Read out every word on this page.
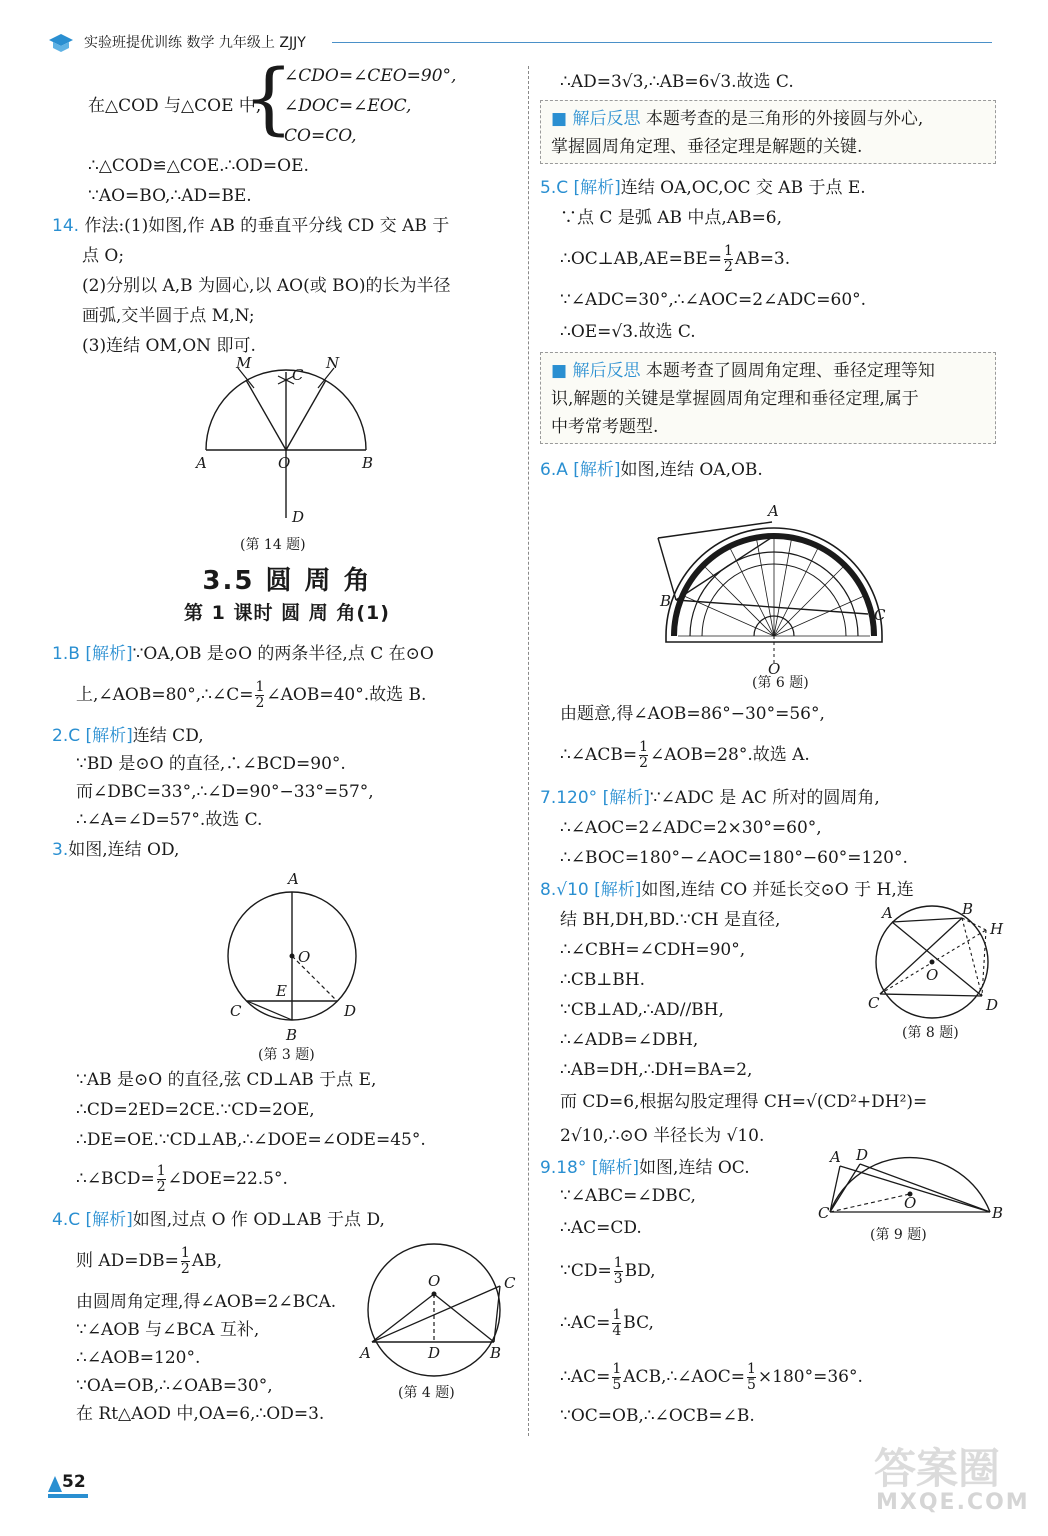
实验班提优训练 数学 九年级上 ZJJY
{
∠CDO=∠CEO=90°,
在△COD 与△COE 中, ∠DOC=∠EOC,
CO=CO,
∴△COD≌△COE.∴OD=OE.
∵AO=BO,∴AD=BE.
14. 作法:(1)如图,作 AB 的垂直平分线 CD 交 AB 于
点 O;
(2)分别以 A,B 为圆心,以 AO(或 BO)的长为半径
画弧,交半圆于点 M,N;
(3)连结 OM,ON 即可.
M	N
C
A	O	B
D
(第 14 题)
3.5 圆 周 角
第 1 课时 圆 周 角(1)
1.B [解析]∵OA,OB 是⊙O 的两条半径,点 C 在⊙O
上,∠AOB=80°,∴∠C= $\frac{1}{2}$ ∠AOB=40°.故选 B.
2.C [解析]连结 CD,
∵BD 是⊙O 的直径,∴∠BCD=90°.
而∠DBC=33°,∴∠D=90°−33°=57°,
∴∠A=∠D=57°.故选 C.
3.如图,连结 OD,
A
O
E
C	D
B
(第 3 题)
∵AB 是⊙O 的直径,弦 CD⊥AB 于点 E,
∴CD=2ED=2CE.∵CD=2OE,
∴DE=OE.∵CD⊥AB,∴∠DOE=∠ODE=45°.
∴∠BCD= $\frac{1}{2}$ ∠DOE=22.5°.
4.C [解析]如图,过点 O 作 OD⊥AB 于点 D,
则 $AD=DB= \frac{1}{2}$ AB,
由圆周角定理,得∠AOB=2∠BCA.
∵∠AOB 与∠BCA 互补,
∴∠AOB=120°.
∵OA=OB,∴∠OAB=30°,
在 Rt△AOD 中,OA=6,∴OD=3.
O	C
A	D	B
(第 4 题)
∴AD=3√3,∴AB=6√3.故选 C.
■ 解后反思 本题考查的是三角形的外接圆与外心,
掌握圆周角定理、垂径定理是解题的关键.
5.C [解析]连结 OA,OC,OC 交 AB 于点 E.
∵点 C 是弧 AB 中点,AB=6,
∴OC⊥AB,AE=BE= $\frac{1}{2} AB=3$.
∵∠ADC=30°,∴∠AOC=2∠ADC=60°.
∴OE=√3.故选 C.
■ 解后反思 本题考查了圆周角定理、垂径定理等知
识,解题的关键是掌握圆周角定理和垂径定理,属于
中考常考题型.
6.A [解析]如图,连结 OA,OB.
A
B
C
O
(第 6 题)
由题意,得∠AOB=86°−30°=56°,
∴∠ACB= $\frac{1}{2}$ ∠AOB=28°.故选 A.
7.120° [解析]∵∠ADC 是 AC 所对的圆周角,
∴∠AOC=2∠ADC=2×30°=60°,
∴∠BOC=180°−∠AOC=180°−60°=120°.
8.√10 [解析]如图,连结 CO 并延长交⊙O 于 H,连
结 BH,DH,BD.∵CH 是直径,
∴∠CBH=∠CDH=90°,
∴CB⊥BH.
∵CB⊥AD,∴AD//BH,
∴∠ADB=∠DBH,
∴AB=DH,∴DH=BA=2,
而 CD=6,根据勾股定理得 CH=√(CD²+DH²)=
2√10,∴⊙O 半径长为 √10.
A	B
H
O
C	D
(第 8 题)
9.18° [解析]如图,连结 OC.
∵∠ABC=∠DBC,
∴AC=CD.
∵CD= $\frac{1}{3}$ BD,
∴AC= $\frac{1}{4}$ BC,
∴AC= $\frac{1}{5}$ ACB,∴∠AOC= $\frac{1}{5} \times 180^\circ=36^\circ$.
∵OC=OB,∴∠OCB=∠B.
A D
O
C	B
(第 9 题)
52	答案圈
MXQE.COM
